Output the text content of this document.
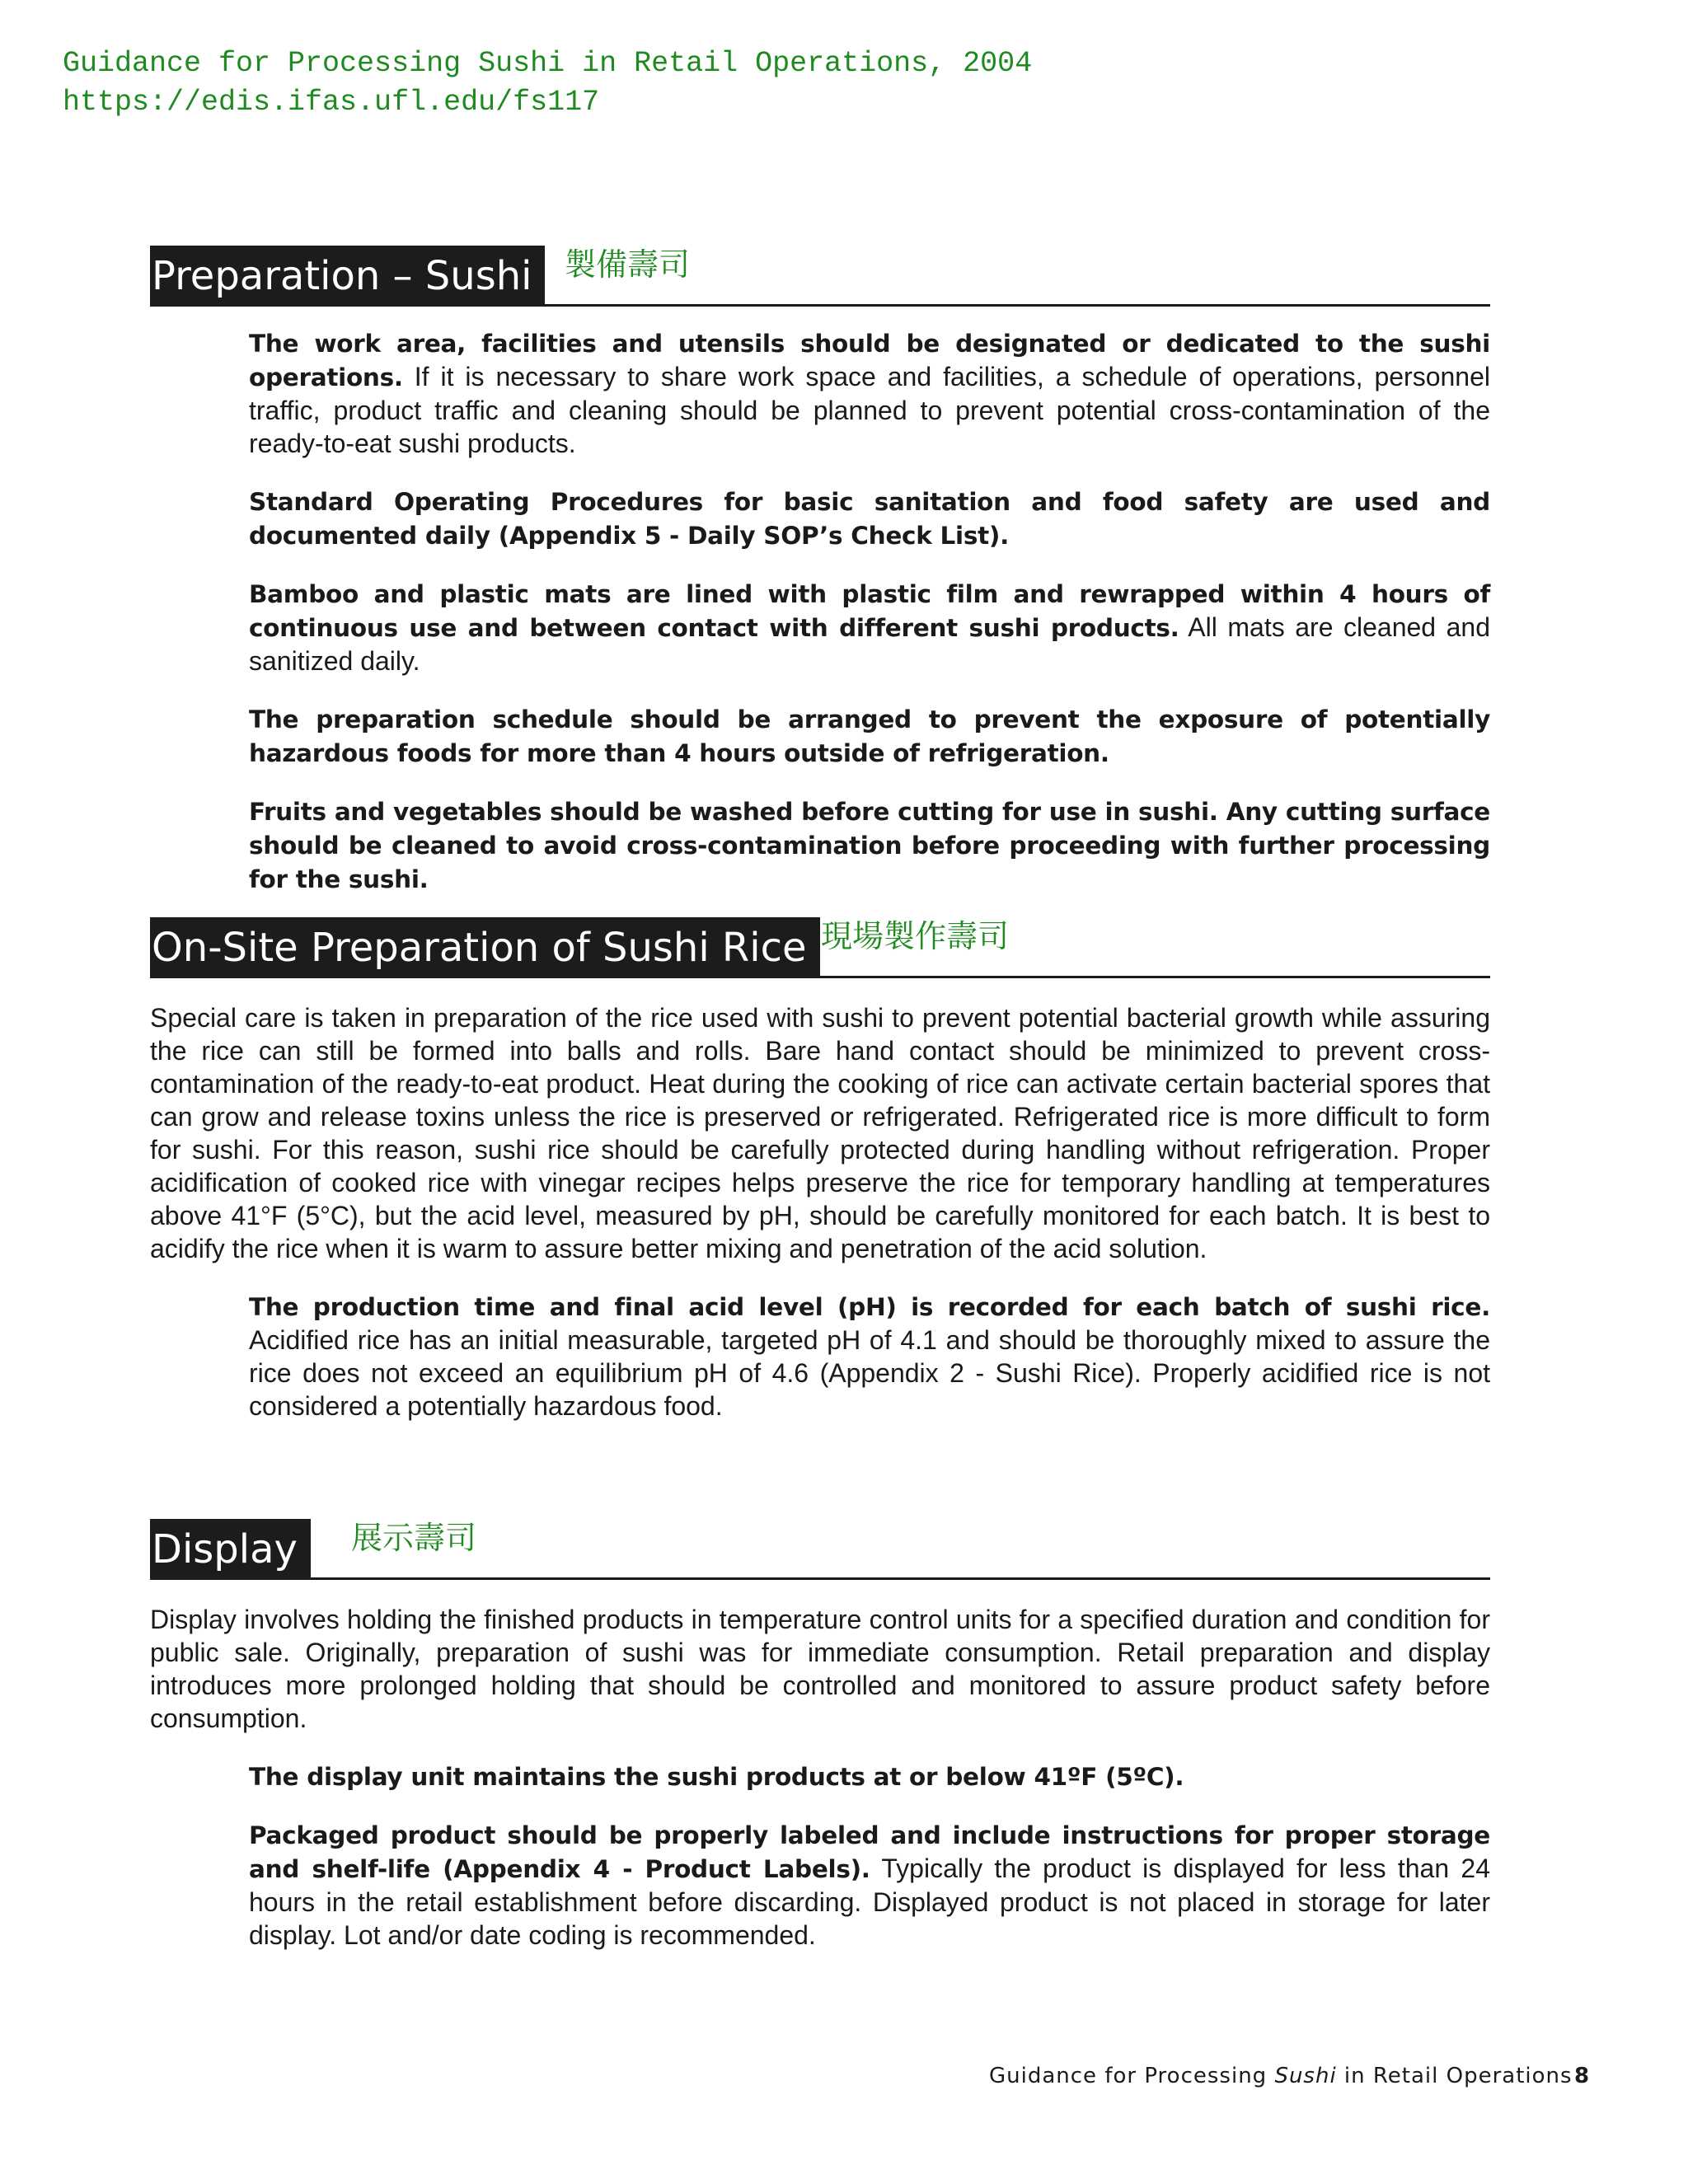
Guidance for Processing Sushi in Retail Operations, 2004
https://edis.ifas.ufl.edu/fs117
Preparation – Sushi	製備壽司

The work area, facilities and utensils should be designated or dedicated to the sushi operations. If it is necessary to share work space and facilities, a schedule of operations, personnel traffic, product traffic and cleaning should be planned to prevent potential cross-contamination of the ready-to-eat sushi products.

Standard Operating Procedures for basic sanitation and food safety are used and documented daily (Appendix 5 - Daily SOP’s Check List).

Bamboo and plastic mats are lined with plastic film and rewrapped within 4 hours of continuous use and between contact with different sushi products. All mats are cleaned and sanitized daily.

The preparation schedule should be arranged to prevent the exposure of potentially hazardous foods for more than 4 hours outside of refrigeration.

Fruits and vegetables should be washed before cutting for use in sushi. Any cutting surface should be cleaned to avoid cross-contamination before proceeding with further processing for the sushi.

On-Site Preparation of Sushi Rice 現場製作壽司

Special care is taken in preparation of the rice used with sushi to prevent potential bacterial growth while assuring the rice can still be formed into balls and rolls. Bare hand contact should be minimized to prevent cross-contamination of the ready-to-eat product. Heat during the cooking of rice can activate certain bacterial spores that can grow and release toxins unless the rice is preserved or refrigerated. Refrigerated rice is more difficult to form for sushi. For this reason, sushi rice should be carefully protected during handling without refrigeration. Proper acidification of cooked rice with vinegar recipes helps preserve the rice for temporary handling at temperatures above 41°F (5°C), but the acid level, measured by pH, should be carefully monitored for each batch. It is best to acidify the rice when it is warm to assure better mixing and penetration of the acid solution.

The production time and final acid level (pH) is recorded for each batch of sushi rice. Acidified rice has an initial measurable, targeted pH of 4.1 and should be thoroughly mixed to assure the rice does not exceed an equilibrium pH of 4.6 (Appendix 2 - Sushi Rice). Properly acidified rice is not considered a potentially hazardous food.

Display	展示壽司

Display involves holding the finished products in temperature control units for a specified duration and condition for public sale. Originally, preparation of sushi was for immediate consumption. Retail preparation and display introduces more prolonged holding that should be controlled and monitored to assure product safety before consumption.

The display unit maintains the sushi products at or below 41ºF (5ºC).

Packaged product should be properly labeled and include instructions for proper storage and shelf-life (Appendix 4 - Product Labels). Typically the product is displayed for less than 24 hours in the retail establishment before discarding. Displayed product is not placed in storage for later display. Lot and/or date coding is recommended.

Guidance for Processing Sushi in Retail Operations 8
